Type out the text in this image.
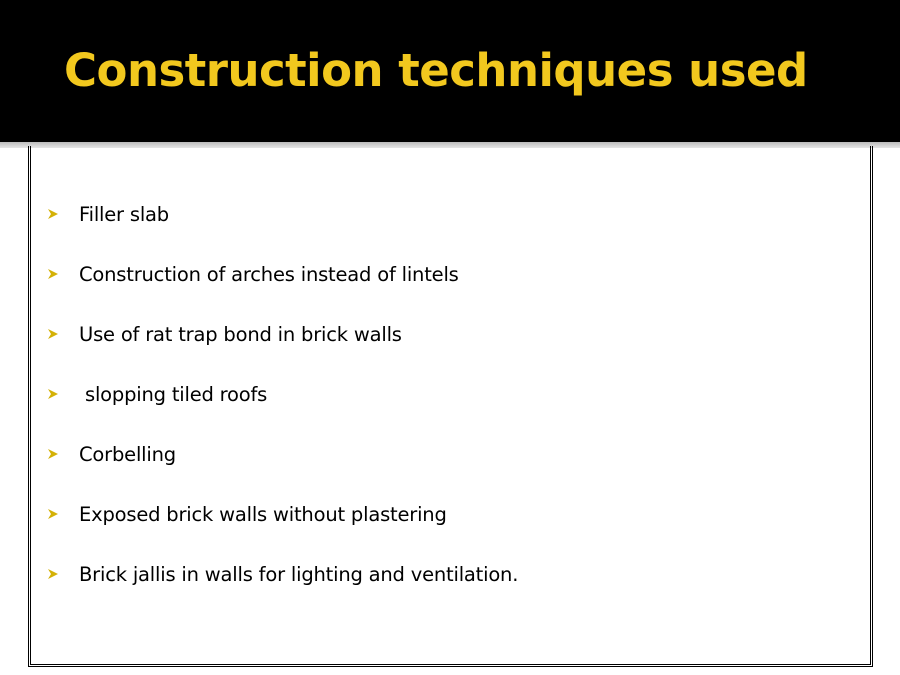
Construction techniques used
Filler slab
Construction of arches instead of lintels
Use of rat trap bond in brick walls
slopping tiled roofs
Corbelling
Exposed brick walls without plastering
Brick jallis in walls for lighting and ventilation.
